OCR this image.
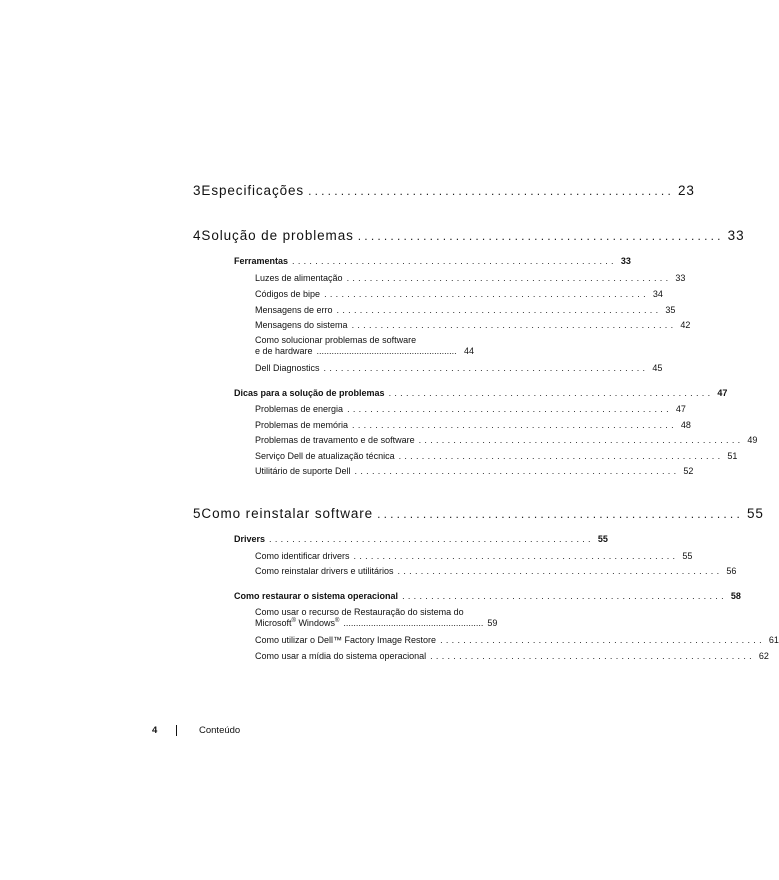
3 Especificações ........................................................ 23
4 Solução de problemas ........................................................ 33
Ferramentas ........................................................ 33
Luzes de alimentação ........................................................ 33
Códigos de bipe ........................................................ 34
Mensagens de erro ........................................................ 35
Mensagens do sistema ........................................................ 42
Como solucionar problemas de software
e de hardware ........................................................ 44
Dell Diagnostics ........................................................ 45
Dicas para a solução de problemas ........................................................ 47
Problemas de energia ........................................................ 47
Problemas de memória ........................................................ 48
Problemas de travamento e de software ........................................................ 49
Serviço Dell de atualização técnica ........................................................ 51
Utilitário de suporte Dell ........................................................ 52
5 Como reinstalar software ........................................................ 55
Drivers ........................................................ 55
Como identificar drivers ........................................................ 55
Como reinstalar drivers e utilitários ........................................................ 56
Como restaurar o sistema operacional ........................................................ 58
Como usar o recurso de Restauração do sistema do
Microsoft® Windows® ........................................................ 59
Como utilizar o Dell™ Factory Image Restore ........................................................ 61
Como usar a mídia do sistema operacional ........................................................ 62
4	Conteúdo
